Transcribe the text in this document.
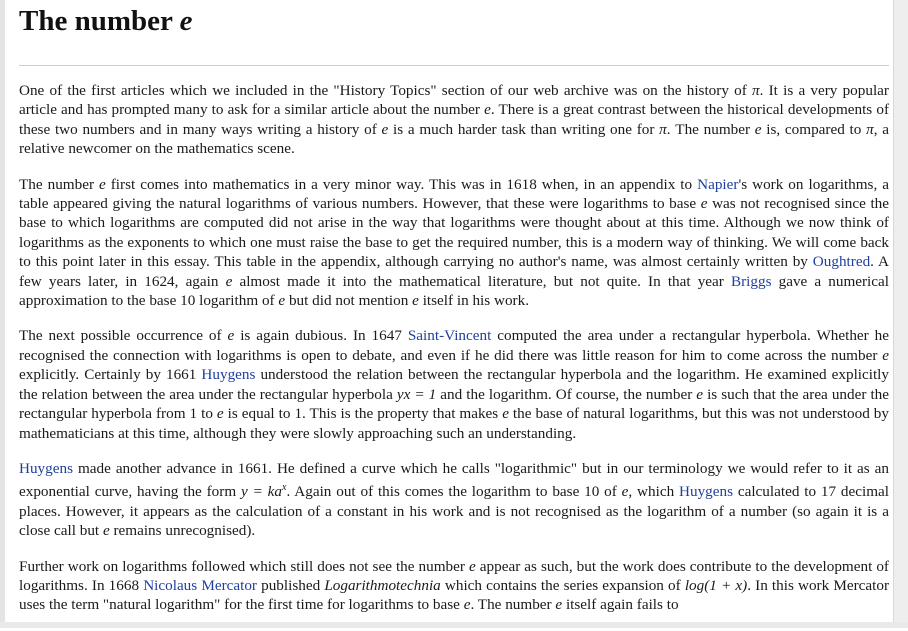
The number e

One of the first articles which we included in the "History Topics" section of our web archive was on the history of π. It is a very popular article and has prompted many to ask for a similar article about the number e. There is a great contrast between the historical developments of these two numbers and in many ways writing a history of e is a much harder task than writing one for π. The number e is, compared to π, a relative newcomer on the mathematics scene.

The number e first comes into mathematics in a very minor way. This was in 1618 when, in an appendix to Napier's work on logarithms, a table appeared giving the natural logarithms of various numbers. However, that these were logarithms to base e was not recognised since the base to which logarithms are computed did not arise in the way that logarithms were thought about at this time. Although we now think of logarithms as the exponents to which one must raise the base to get the required number, this is a modern way of thinking. We will come back to this point later in this essay. This table in the appendix, although carrying no author's name, was almost certainly written by Oughtred. A few years later, in 1624, again e almost made it into the mathematical literature, but not quite. In that year Briggs gave a numerical approximation to the base 10 logarithm of e but did not mention e itself in his work.

The next possible occurrence of e is again dubious. In 1647 Saint-Vincent computed the area under a rectangular hyperbola. Whether he recognised the connection with logarithms is open to debate, and even if he did there was little reason for him to come across the number e explicitly. Certainly by 1661 Huygens understood the relation between the rectangular hyperbola and the logarithm. He examined explicitly the relation between the area under the rectangular hyperbola yx = 1 and the logarithm. Of course, the number e is such that the area under the rectangular hyperbola from 1 to e is equal to 1. This is the property that makes e the base of natural logarithms, but this was not understood by mathematicians at this time, although they were slowly approaching such an understanding.

Huygens made another advance in 1661. He defined a curve which he calls "logarithmic" but in our terminology we would refer to it as an exponential curve, having the form $y = ka^x$. Again out of this comes the logarithm to base 10 of e, which Huygens calculated to 17 decimal places. However, it appears as the calculation of a constant in his work and is not recognised as the logarithm of a number (so again it is a close call but e remains unrecognised).

Further work on logarithms followed which still does not see the number e appear as such, but the work does contribute to the development of logarithms. In 1668 Nicolaus Mercator published Logarithmotechnia which contains the series expansion of log(1 + x). In this work Mercator uses the term "natural logarithm" for the first time for logarithms to base e. The number e itself again fails to
